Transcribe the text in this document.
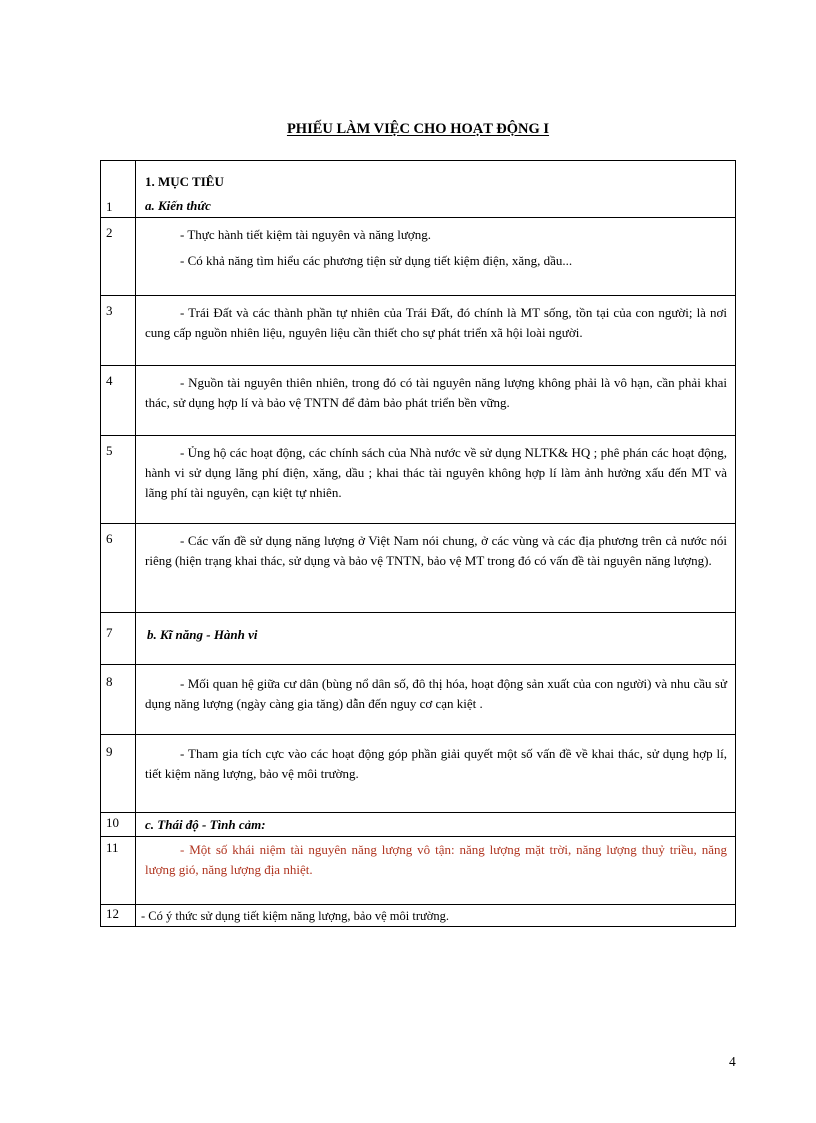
PHIẾU LÀM VIỆC CHO HOẠT ĐỘNG I
1	1. MỤC TIÊU
a. Kiến thức

2	- Thực hành tiết kiệm tài nguyên và năng lượng.
- Có khả năng tìm hiểu các phương tiện sử dụng tiết kiệm điện, xăng, dầu...

3	- Trái Đất và các thành phần tự nhiên của Trái Đất, đó chính là MT sống, tồn tại của con người; là nơi cung cấp nguồn nhiên liệu, nguyên liệu cần thiết cho sự phát triển xã hội loài người.

4	- Nguồn tài nguyên thiên nhiên, trong đó có tài nguyên năng lượng không phải là vô hạn, cần phải khai thác, sử dụng hợp lí và bảo vệ TNTN để đảm bảo phát triển bền vững.

5	- Ủng hộ các hoạt động, các chính sách của Nhà nước về sử dụng NLTK& HQ ; phê phán các hoạt động, hành vi sử dụng lãng phí điện, xăng, dầu ; khai thác tài nguyên không hợp lí làm ảnh hưởng xấu đến MT và lãng phí tài nguyên, cạn kiệt tự nhiên.

6	- Các vấn đề sử dụng năng lượng ở Việt Nam nói chung, ở các vùng và các địa phương trên cả nước nói riêng (hiện trạng khai thác, sử dụng và bảo vệ TNTN, bảo vệ MT trong đó có vấn đề tài nguyên năng lượng).

7	b. Kĩ năng - Hành vi

8	- Mối quan hệ giữa cư dân (bùng nổ dân số, đô thị hóa, hoạt động sản xuất của con người) và nhu cầu sử dụng năng lượng (ngày càng gia tăng) dẫn đến nguy cơ cạn kiệt .

9	- Tham gia tích cực vào các hoạt động góp phần giải quyết một số vấn đề về khai thác, sử dụng hợp lí, tiết kiệm năng lượng, bảo vệ môi trường.

10	c. Thái độ - Tình cảm:

11	- Một số khái niệm tài nguyên năng lượng vô tận: năng lượng mặt trời, năng lượng thuỷ triều, năng lượng gió, năng lượng địa nhiệt.

12	- Có ý thức sử dụng tiết kiệm năng lượng, bảo vệ môi trường.
4
